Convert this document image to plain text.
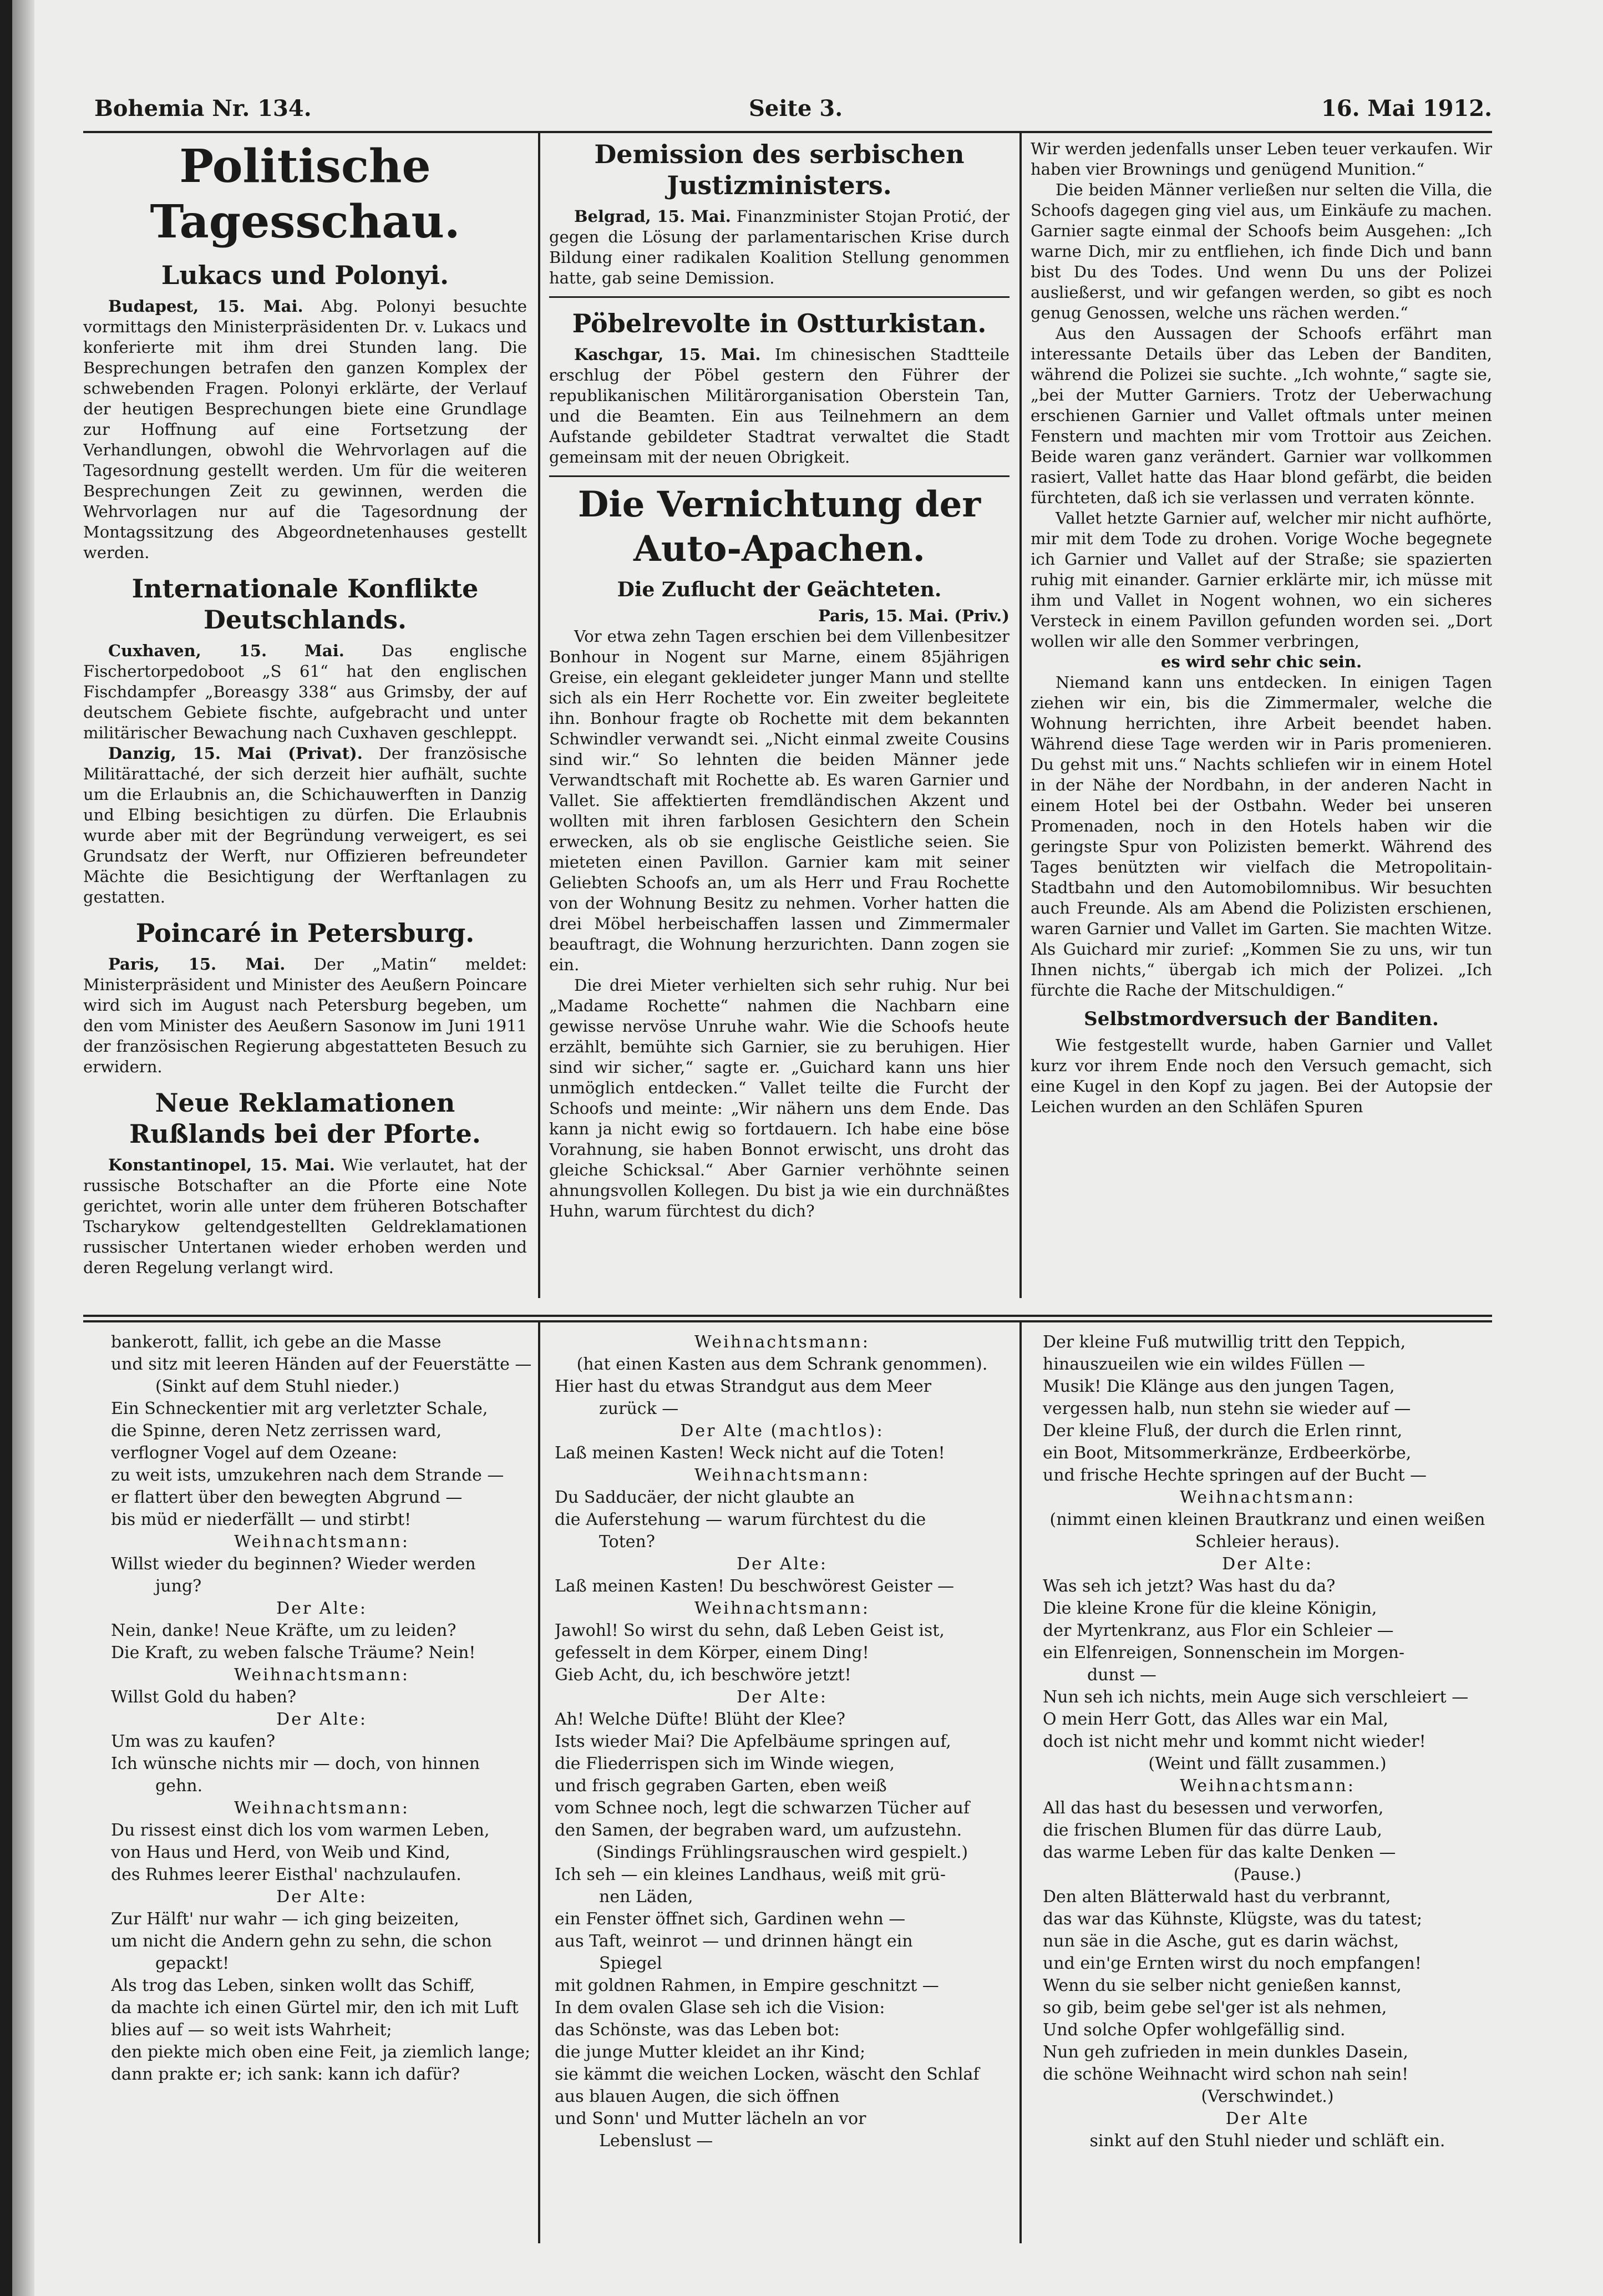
Bohemia Nr. 134.	Seite 3.	16. Mai 1912.
Politische Tagesschau.
Lukacs und Polonyi.

Budapest, 15. Mai. Abg. Polonyi besuchte vormittags den Ministerpräsidenten Dr. v. Lukacs und konferierte mit ihm drei Stunden lang. Die Besprechungen betrafen den ganzen Komplex der schwebenden Fragen. Polonyi erklärte, der Verlauf der heutigen Besprechungen biete eine Grundlage zur Hoffnung auf eine Fortsetzung der Verhandlungen, obwohl die Wehrvorlagen auf die Tagesordnung gestellt werden. Um für die weiteren Besprechungen Zeit zu gewinnen, werden die Wehrvorlagen nur auf die Tagesordnung der Montagssitzung des Abgeordnetenhauses gestellt werden.

Internationale Konflikte Deutschlands.

Cuxhaven, 15. Mai. Das englische Fischertorpedoboot „S 61“ hat den englischen Fischdampfer „Boreasgy 338“ aus Grimsby, der auf deutschem Gebiete fischte, aufgebracht und unter militärischer Bewachung nach Cuxhaven geschleppt.

Danzig, 15. Mai (Privat). Der französische Militärattaché, der sich derzeit hier aufhält, suchte um die Erlaubnis an, die Schichauwerften in Danzig und Elbing besichtigen zu dürfen. Die Erlaubnis wurde aber mit der Begründung verweigert, es sei Grundsatz der Werft, nur Offizieren befreundeter Mächte die Besichtigung der Werftanlagen zu gestatten.

Poincaré in Petersburg.

Paris, 15. Mai. Der „Matin“ meldet: Ministerpräsident und Minister des Aeußern Poincare wird sich im August nach Petersburg begeben, um den vom Minister des Aeußern Sasonow im Juni 1911 der französischen Regierung abgestatteten Besuch zu erwidern.

Neue Reklamationen Rußlands bei der Pforte.

Konstantinopel, 15. Mai. Wie verlautet, hat der russische Botschafter an die Pforte eine Note gerichtet, worin alle unter dem früheren Botschafter Tscharykow geltendgestellten Geldreklamationen russischer Untertanen wieder erhoben werden und deren Regelung verlangt wird.

Demission des serbischen Justizministers.

Belgrad, 15. Mai. Finanzminister Stojan Protić, der gegen die Lösung der parlamentarischen Krise durch Bildung einer radikalen Koalition Stellung genommen hatte, gab seine Demission.

Pöbelrevolte in Ostturkistan.

Kaschgar, 15. Mai. Im chinesischen Stadtteile erschlug der Pöbel gestern den Führer der republikanischen Militärorganisation Oberstein Tan, und die Beamten. Ein aus Teilnehmern an dem Aufstande gebildeter Stadtrat verwaltet die Stadt gemeinsam mit der neuen Obrigkeit.

Die Vernichtung der Auto-Apachen.
Die Zuflucht der Geächteten.

Paris, 15. Mai. (Priv.)

Vor etwa zehn Tagen erschien bei dem Villenbesitzer Bonhour in Nogent sur Marne, einem 85jährigen Greise, ein elegant gekleideter junger Mann und stellte sich als ein Herr Rochette vor. Ein zweiter begleitete ihn. Bonhour fragte ob Rochette mit dem bekannten Schwindler verwandt sei. „Nicht einmal zweite Cousins sind wir.“ So lehnten die beiden Männer jede Verwandtschaft mit Rochette ab. Es waren Garnier und Vallet. Sie affektierten fremdländischen Akzent und wollten mit ihren farblosen Gesichtern den Schein erwecken, als ob sie englische Geistliche seien. Sie mieteten einen Pavillon. Garnier kam mit seiner Geliebten Schoofs an, um als Herr und Frau Rochette von der Wohnung Besitz zu nehmen. Vorher hatten die drei Möbel herbeischaffen lassen und Zimmermaler beauftragt, die Wohnung herzurichten. Dann zogen sie ein.

Die drei Mieter verhielten sich sehr ruhig. Nur bei „Madame Rochette“ nahmen die Nachbarn eine gewisse nervöse Unruhe wahr. Wie die Schoofs heute erzählt, bemühte sich Garnier, sie zu beruhigen. Hier sind wir sicher,“ sagte er. „Guichard kann uns hier unmöglich entdecken.“ Vallet teilte die Furcht der Schoofs und meinte: „Wir nähern uns dem Ende. Das kann ja nicht ewig so fortdauern. Ich habe eine böse Vorahnung, sie haben Bonnot erwischt, uns droht das gleiche Schicksal.“ Aber Garnier verhöhnte seinen ahnungsvollen Kollegen. Du bist ja wie ein durchnäßtes Huhn, warum fürchtest du dich?

Wir werden jedenfalls unser Leben teuer verkaufen. Wir haben vier Brownings und genügend Munition.“

Die beiden Männer verließen nur selten die Villa, die Schoofs dagegen ging viel aus, um Einkäufe zu machen. Garnier sagte einmal der Schoofs beim Ausgehen: „Ich warne Dich, mir zu entfliehen, ich finde Dich und bann bist Du des Todes. Und wenn Du uns der Polizei ausließerst, und wir gefangen werden, so gibt es noch genug Genossen, welche uns rächen werden.“

Aus den Aussagen der Schoofs erfährt man interessante Details über das Leben der Banditen, während die Polizei sie suchte. „Ich wohnte,“ sagte sie, „bei der Mutter Garniers. Trotz der Ueberwachung erschienen Garnier und Vallet oftmals unter meinen Fenstern und machten mir vom Trottoir aus Zeichen. Beide waren ganz verändert. Garnier war vollkommen rasiert, Vallet hatte das Haar blond gefärbt, die beiden fürchteten, daß ich sie verlassen und verraten könnte.

Vallet hetzte Garnier auf, welcher mir nicht aufhörte, mir mit dem Tode zu drohen. Vorige Woche begegnete ich Garnier und Vallet auf der Straße; sie spazierten ruhig mit einander. Garnier erklärte mir, ich müsse mit ihm und Vallet in Nogent wohnen, wo ein sicheres Versteck in einem Pavillon gefunden worden sei. „Dort wollen wir alle den Sommer verbringen,

es wird sehr chic sein.

Niemand kann uns entdecken. In einigen Tagen ziehen wir ein, bis die Zimmermaler, welche die Wohnung herrichten, ihre Arbeit beendet haben. Während diese Tage werden wir in Paris promenieren. Du gehst mit uns.“ Nachts schliefen wir in einem Hotel in der Nähe der Nordbahn, in der anderen Nacht in einem Hotel bei der Ostbahn. Weder bei unseren Promenaden, noch in den Hotels haben wir die geringste Spur von Polizisten bemerkt. Während des Tages benützten wir vielfach die Metropolitain-Stadtbahn und den Automobilomnibus. Wir besuchten auch Freunde. Als am Abend die Polizisten erschienen, waren Garnier und Vallet im Garten. Sie machten Witze. Als Guichard mir zurief: „Kommen Sie zu uns, wir tun Ihnen nichts,“ übergab ich mich der Polizei. „Ich fürchte die Rache der Mitschuldigen.“

Selbstmordversuch der Banditen.

Wie festgestellt wurde, haben Garnier und Vallet kurz vor ihrem Ende noch den Versuch gemacht, sich eine Kugel in den Kopf zu jagen. Bei der Autopsie der Leichen wurden an den Schläfen Spuren

bankerott, fallit, ich gebe an die Masse
und sitz mit leeren Händen auf der Feuerstätte —
(Sinkt auf dem Stuhl nieder.)
Ein Schneckentier mit arg verletzter Schale,
die Spinne, deren Netz zerrissen ward,
verflogner Vogel auf dem Ozeane:
zu weit ists, umzukehren nach dem Strande —
er flattert über den bewegten Abgrund —
bis müd er niederfällt — und stirbt!
Weihnachtsmann:
Willst wieder du beginnen? Wieder werden
jung?
Der Alte:
Nein, danke! Neue Kräfte, um zu leiden?
Die Kraft, zu weben falsche Träume? Nein!
Weihnachtsmann:
Willst Gold du haben?
Der Alte:
Um was zu kaufen?
Ich wünsche nichts mir — doch, von hinnen
gehn.
Weihnachtsmann:
Du rissest einst dich los vom warmen Leben,
von Haus und Herd, von Weib und Kind,
des Ruhmes leerer Eisthal' nachzulaufen.
Der Alte:
Zur Hälft' nur wahr — ich ging beizeiten,
um nicht die Andern gehn zu sehn, die schon
gepackt!
Als trog das Leben, sinken wollt das Schiff,
da machte ich einen Gürtel mir, den ich mit Luft
blies auf — so weit ists Wahrheit;
den piekte mich oben eine Feit, ja ziemlich lange;
dann prakte er; ich sank: kann ich dafür?
Weihnachtsmann:
(hat einen Kasten aus dem Schrank genommen).
Hier hast du etwas Strandgut aus dem Meer
zurück —
Der Alte (machtlos):
Laß meinen Kasten! Weck nicht auf die Toten!
Weihnachtsmann:
Du Sadducäer, der nicht glaubte an
die Auferstehung — warum fürchtest du die
Toten?
Der Alte:
Laß meinen Kasten! Du beschwörest Geister —
Weihnachtsmann:
Jawohl! So wirst du sehn, daß Leben Geist ist,
gefesselt in dem Körper, einem Ding!
Gieb Acht, du, ich beschwöre jetzt!
Der Alte:
Ah! Welche Düfte! Blüht der Klee?
Ists wieder Mai? Die Apfelbäume springen auf,
die Fliederrispen sich im Winde wiegen,
und frisch gegraben Garten, eben weiß
vom Schnee noch, legt die schwarzen Tücher auf
den Samen, der begraben ward, um aufzustehn.
(Sindings Frühlingsrauschen wird gespielt.)
Ich seh — ein kleines Landhaus, weiß mit grü-
nen Läden,
ein Fenster öffnet sich, Gardinen wehn —
aus Taft, weinrot — und drinnen hängt ein
Spiegel
mit goldnen Rahmen, in Empire geschnitzt —
In dem ovalen Glase seh ich die Vision:
das Schönste, was das Leben bot:
die junge Mutter kleidet an ihr Kind;
sie kämmt die weichen Locken, wäscht den Schlaf
aus blauen Augen, die sich öffnen
und Sonn' und Mutter lächeln an vor
Lebenslust —
Der kleine Fuß mutwillig tritt den Teppich,
hinauszueilen wie ein wildes Füllen —
Musik! Die Klänge aus den jungen Tagen,
vergessen halb, nun stehn sie wieder auf —
Der kleine Fluß, der durch die Erlen rinnt,
ein Boot, Mitsommerkränze, Erdbeerkörbe,
und frische Hechte springen auf der Bucht —
Weihnachtsmann:
(nimmt einen kleinen Brautkranz und einen weißen Schleier heraus).
Der Alte:
Was seh ich jetzt? Was hast du da?
Die kleine Krone für die kleine Königin,
der Myrtenkranz, aus Flor ein Schleier —
ein Elfenreigen, Sonnenschein im Morgen-
dunst —
Nun seh ich nichts, mein Auge sich verschleiert —
O mein Herr Gott, das Alles war ein Mal,
doch ist nicht mehr und kommt nicht wieder!
(Weint und fällt zusammen.)
Weihnachtsmann:
All das hast du besessen und verworfen,
die frischen Blumen für das dürre Laub,
das warme Leben für das kalte Denken —
(Pause.)
Den alten Blätterwald hast du verbrannt,
das war das Kühnste, Klügste, was du tatest;
nun säe in die Asche, gut es darin wächst,
und ein'ge Ernten wirst du noch empfangen!
Wenn du sie selber nicht genießen kannst,
so gib, beim gebe sel'ger ist als nehmen,
Und solche Opfer wohlgefällig sind.
Nun geh zufrieden in mein dunkles Dasein,
die schöne Weihnacht wird schon nah sein!
(Verschwindet.)
Der Alte
sinkt auf den Stuhl nieder und schläft ein.
